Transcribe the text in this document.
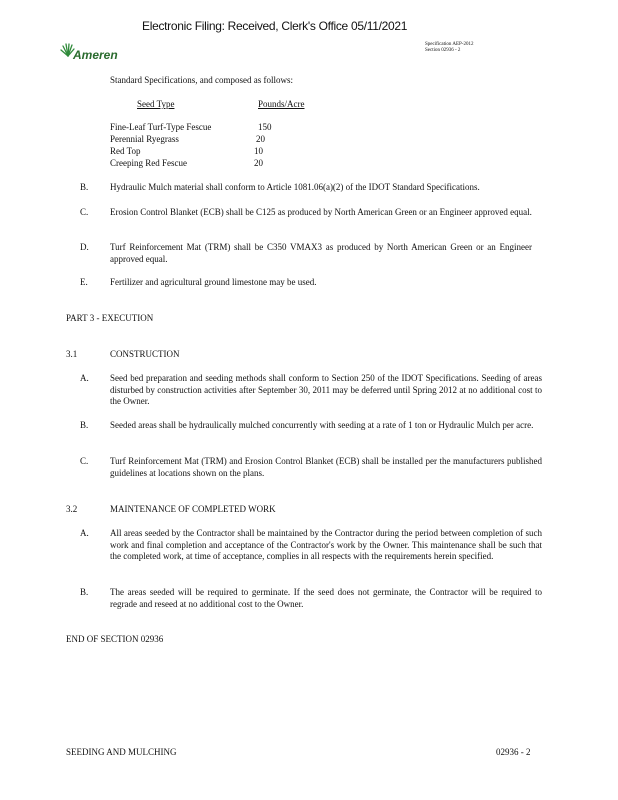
Electronic Filing: Received, Clerk's Office 05/11/2021
Ameren
Specification AEP-2012
Section 02936 - 2
Standard Specifications, and composed as follows:
Seed Type	Pounds/Acre
Fine-Leaf Turf-Type Fescue	150
Perennial Ryegrass	20
Red Top	10
Creeping Red Fescue	20
B. Hydraulic Mulch material shall conform to Article 1081.06(a)(2) of the IDOT Standard Specifications.
C. Erosion Control Blanket (ECB) shall be C125 as produced by North American Green or an Engineer approved equal.
D. Turf Reinforcement Mat (TRM) shall be C350 VMAX3 as produced by North American Green or an Engineer approved equal.
E. Fertilizer and agricultural ground limestone may be used.
PART 3 - EXECUTION
3.1	CONSTRUCTION
A. Seed bed preparation and seeding methods shall conform to Section 250 of the IDOT Specifications. Seeding of areas disturbed by construction activities after September 30, 2011 may be deferred until Spring 2012 at no additional cost to the Owner.
B. Seeded areas shall be hydraulically mulched concurrently with seeding at a rate of 1 ton or Hydraulic Mulch per acre.
C. Turf Reinforcement Mat (TRM) and Erosion Control Blanket (ECB) shall be installed per the manufacturers published guidelines at locations shown on the plans.
3.2	MAINTENANCE OF COMPLETED WORK
A. All areas seeded by the Contractor shall be maintained by the Contractor during the period between completion of such work and final completion and acceptance of the Contractor's work by the Owner. This maintenance shall be such that the completed work, at time of acceptance, complies in all respects with the requirements herein specified.
B. The areas seeded will be required to germinate. If the seed does not germinate, the Contractor will be required to regrade and reseed at no additional cost to the Owner.
END OF SECTION 02936
SEEDING AND MULCHING	02936 - 2
